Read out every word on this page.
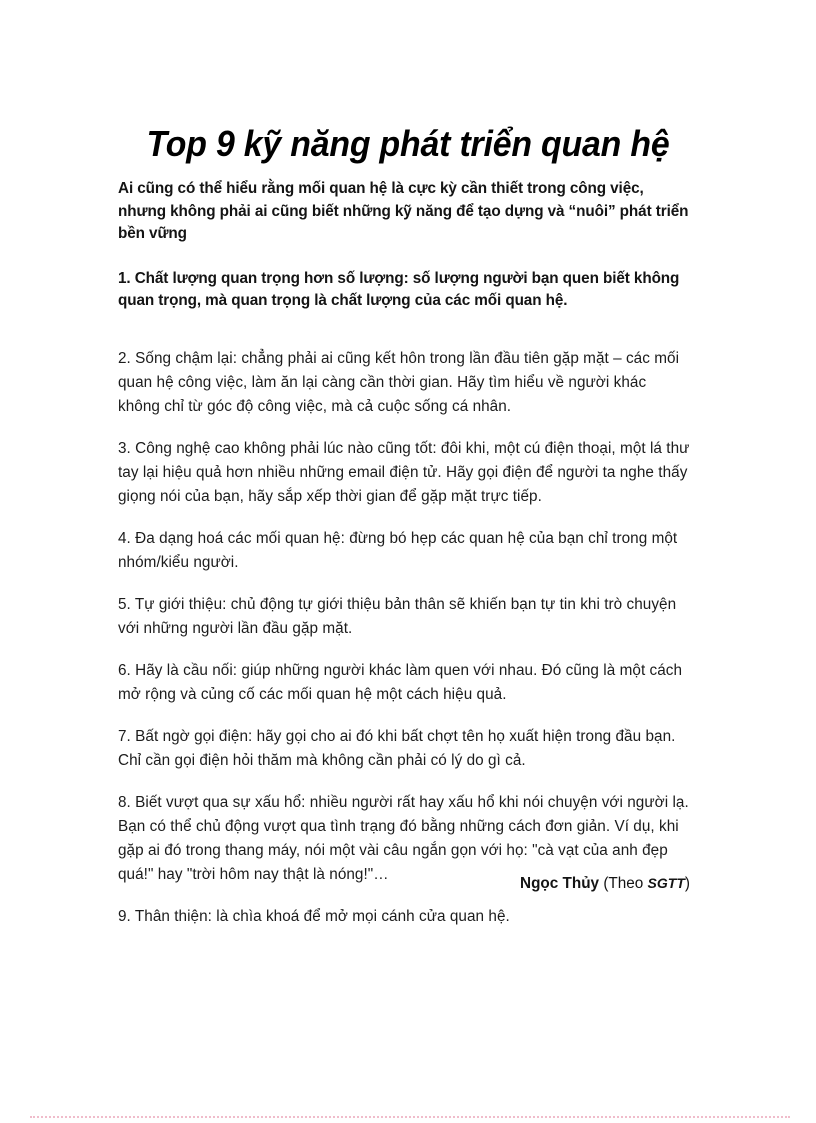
Top 9 kỹ năng phát triển quan hệ

Ai cũng có thể hiểu rằng mối quan hệ là cực kỳ cần thiết trong công việc, nhưng không phải ai cũng biết những kỹ năng để tạo dựng và “nuôi” phát triển bền vững

1. Chất lượng quan trọng hơn số lượng: số lượng người bạn quen biết không quan trọng, mà quan trọng là chất lượng của các mối quan hệ.

2. Sống chậm lại: chẳng phải ai cũng kết hôn trong lần đầu tiên gặp mặt – các mối quan hệ công việc, làm ăn lại càng cần thời gian. Hãy tìm hiểu về người khác không chỉ từ góc độ công việc, mà cả cuộc sống cá nhân.

3. Công nghệ cao không phải lúc nào cũng tốt: đôi khi, một cú điện thoại, một lá thư tay lại hiệu quả hơn nhiều những email điện tử. Hãy gọi điện để người ta nghe thấy giọng nói của bạn, hãy sắp xếp thời gian để gặp mặt trực tiếp.

4. Đa dạng hoá các mối quan hệ: đừng bó hẹp các quan hệ của bạn chỉ trong một nhóm/kiểu người.

5. Tự giới thiệu: chủ động tự giới thiệu bản thân sẽ khiến bạn tự tin khi trò chuyện với những người lần đầu gặp mặt.

6. Hãy là cầu nối: giúp những người khác làm quen với nhau. Đó cũng là một cách mở rộng và củng cố các mối quan hệ một cách hiệu quả.

7. Bất ngờ gọi điện: hãy gọi cho ai đó khi bất chợt tên họ xuất hiện trong đầu bạn. Chỉ cần gọi điện hỏi thăm mà không cần phải có lý do gì cả.

8. Biết vượt qua sự xấu hổ: nhiều người rất hay xấu hổ khi nói chuyện với người lạ. Bạn có thể chủ động vượt qua tình trạng đó bằng những cách đơn giản. Ví dụ, khi gặp ai đó trong thang máy, nói một vài câu ngắn gọn với họ: "cà vạt của anh đẹp quá!" hay "trời hôm nay thật là nóng!"…

9. Thân thiện: là chìa khoá để mở mọi cánh cửa quan hệ.

Ngọc Thủy (Theo SGTT)
